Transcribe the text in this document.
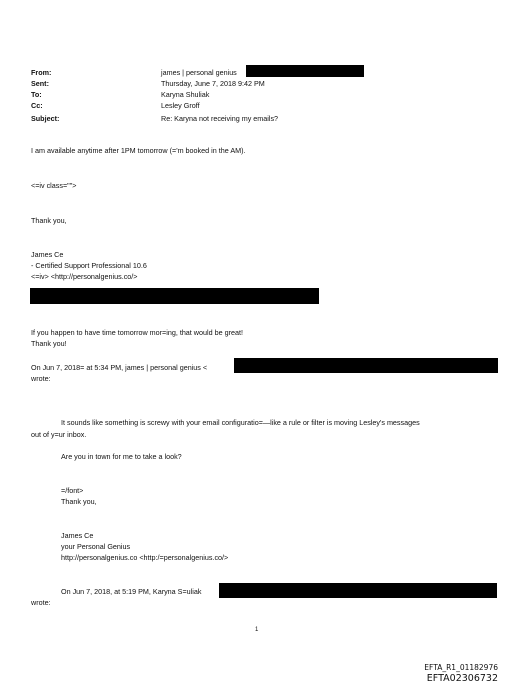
From:
Sent:
To:
Cc:
Subject:
james | personal genius
Thursday, June 7, 2018 9:42 PM
Karyna Shuliak
Lesley Groff
Re: Karyna not receiving my emails?
I am available anytime after 1PM tomorrow (='m booked in the AM).
<=iv class="">
Thank you,
James Ce
- Certified Support Professional 10.6
<=iv> <http://personalgenius.co/>
If you happen to have time tomorrow mor=ing, that would be great!
Thank you!
On Jun 7, 2018= at 5:34 PM, james | personal genius <
wrote:
It sounds like something is screwy with your email configuratio=—like a rule or filter is moving Lesley's messages
out of y=ur inbox.
Are you in town for me to take a look?
=/font>
Thank you,
James Ce
your Personal Genius
http://personalgenius.co <http:/=personalgenius.co/>
On Jun 7, 2018, at 5:19 PM, Karyna S=uliak
wrote:
1
EFTA_R1_01182976
EFTA02306732
